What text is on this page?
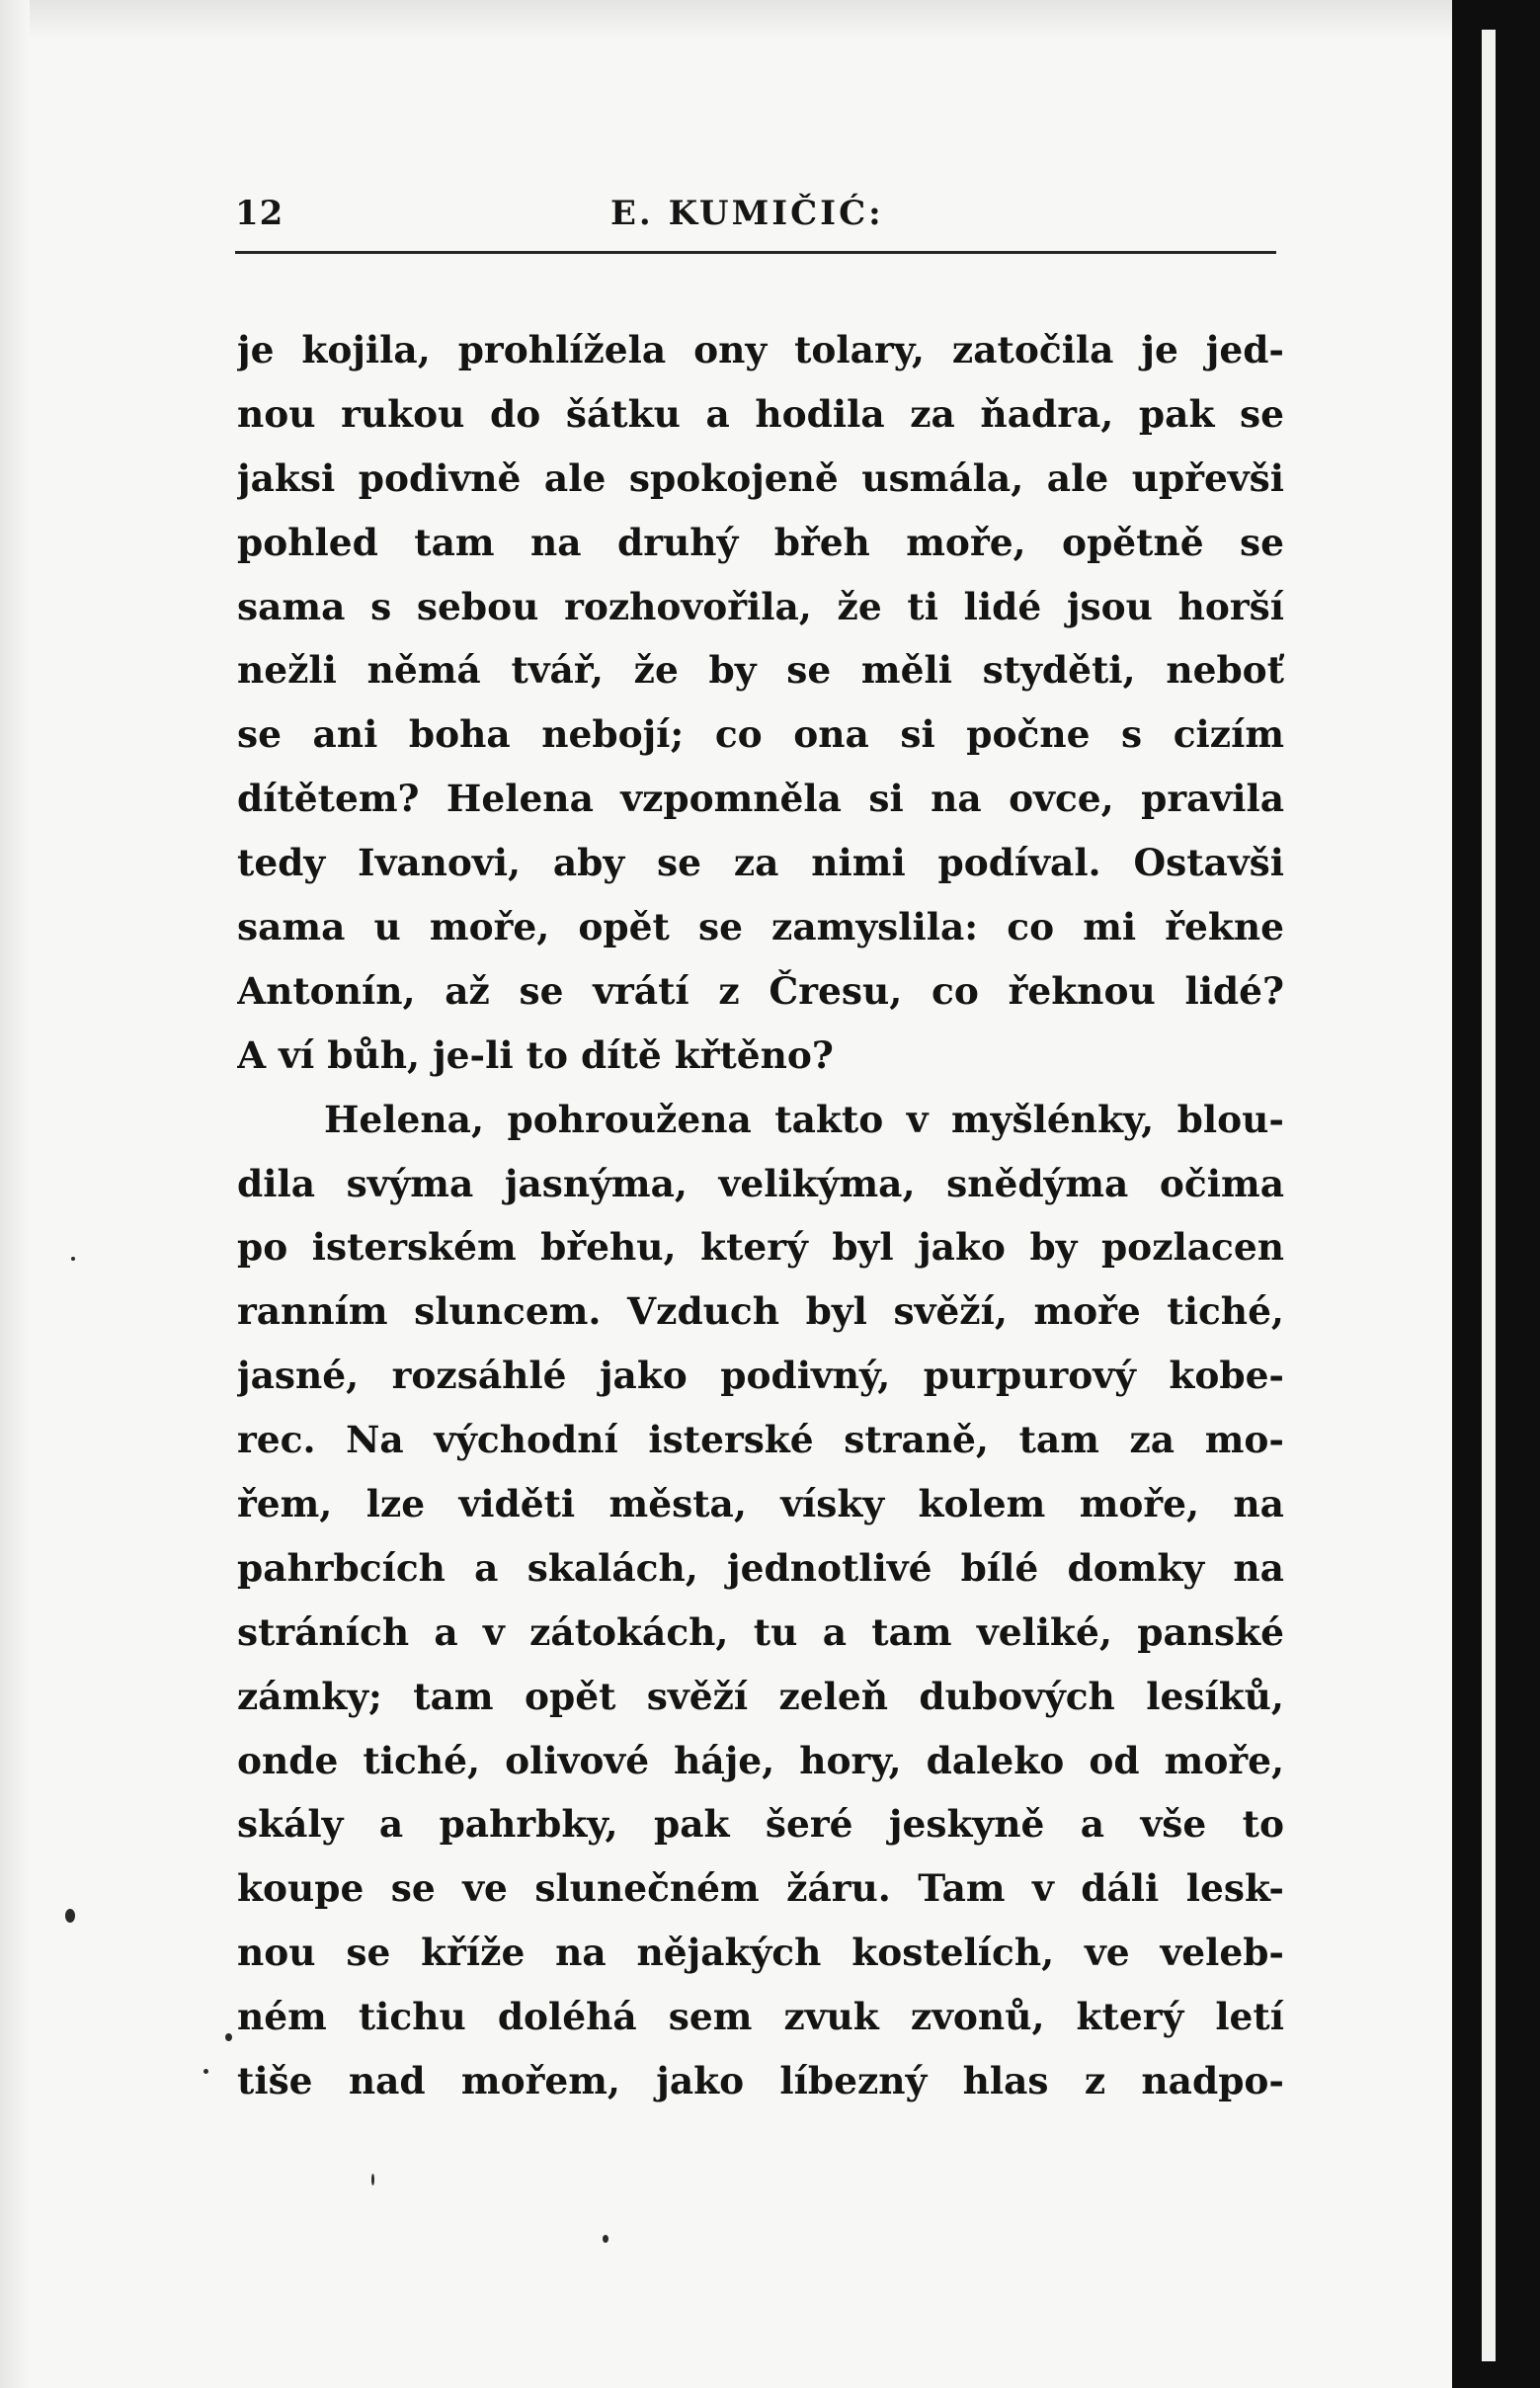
12	E. KUMIČIĆ:
je kojila, prohlížela ony tolary, zatočila je jed-
nou rukou do šátku a hodila za ňadra, pak se
jaksi podivně ale spokojeně usmála, ale upřevši
pohled tam na druhý břeh moře, opětně se
sama s sebou rozhovořila, že ti lidé jsou horší
nežli němá tvář, že by se měli styděti, neboť
se ani boha nebojí; co ona si počne s cizím
dítětem? Helena vzpomněla si na ovce, pravila
tedy Ivanovi, aby se za nimi podíval. Ostavši
sama u moře, opět se zamyslila: co mi řekne
Antonín, až se vrátí z Čresu, co řeknou lidé?
A ví bůh, je-li to dítě křtěno?
Helena, pohroužena takto v myšlénky, blou-
dila svýma jasnýma, velikýma, snědýma očima
po isterském břehu, který byl jako by pozlacen
ranním sluncem. Vzduch byl svěží, moře tiché,
jasné, rozsáhlé jako podivný, purpurový kobe-
rec. Na východní isterské straně, tam za mo-
řem, lze viděti města, vísky kolem moře, na
pahrbcích a skalách, jednotlivé bílé domky na
stráních a v zátokách, tu a tam veliké, panské
zámky; tam opět svěží zeleň dubových lesíků,
onde tiché, olivové háje, hory, daleko od moře,
skály a pahrbky, pak šeré jeskyně a vše to
koupe se ve slunečném žáru. Tam v dáli lesk-
nou se kříže na nějakých kostelích, ve veleb-
ném tichu doléhá sem zvuk zvonů, který letí
tiše nad mořem, jako líbezný hlas z nadpo-
